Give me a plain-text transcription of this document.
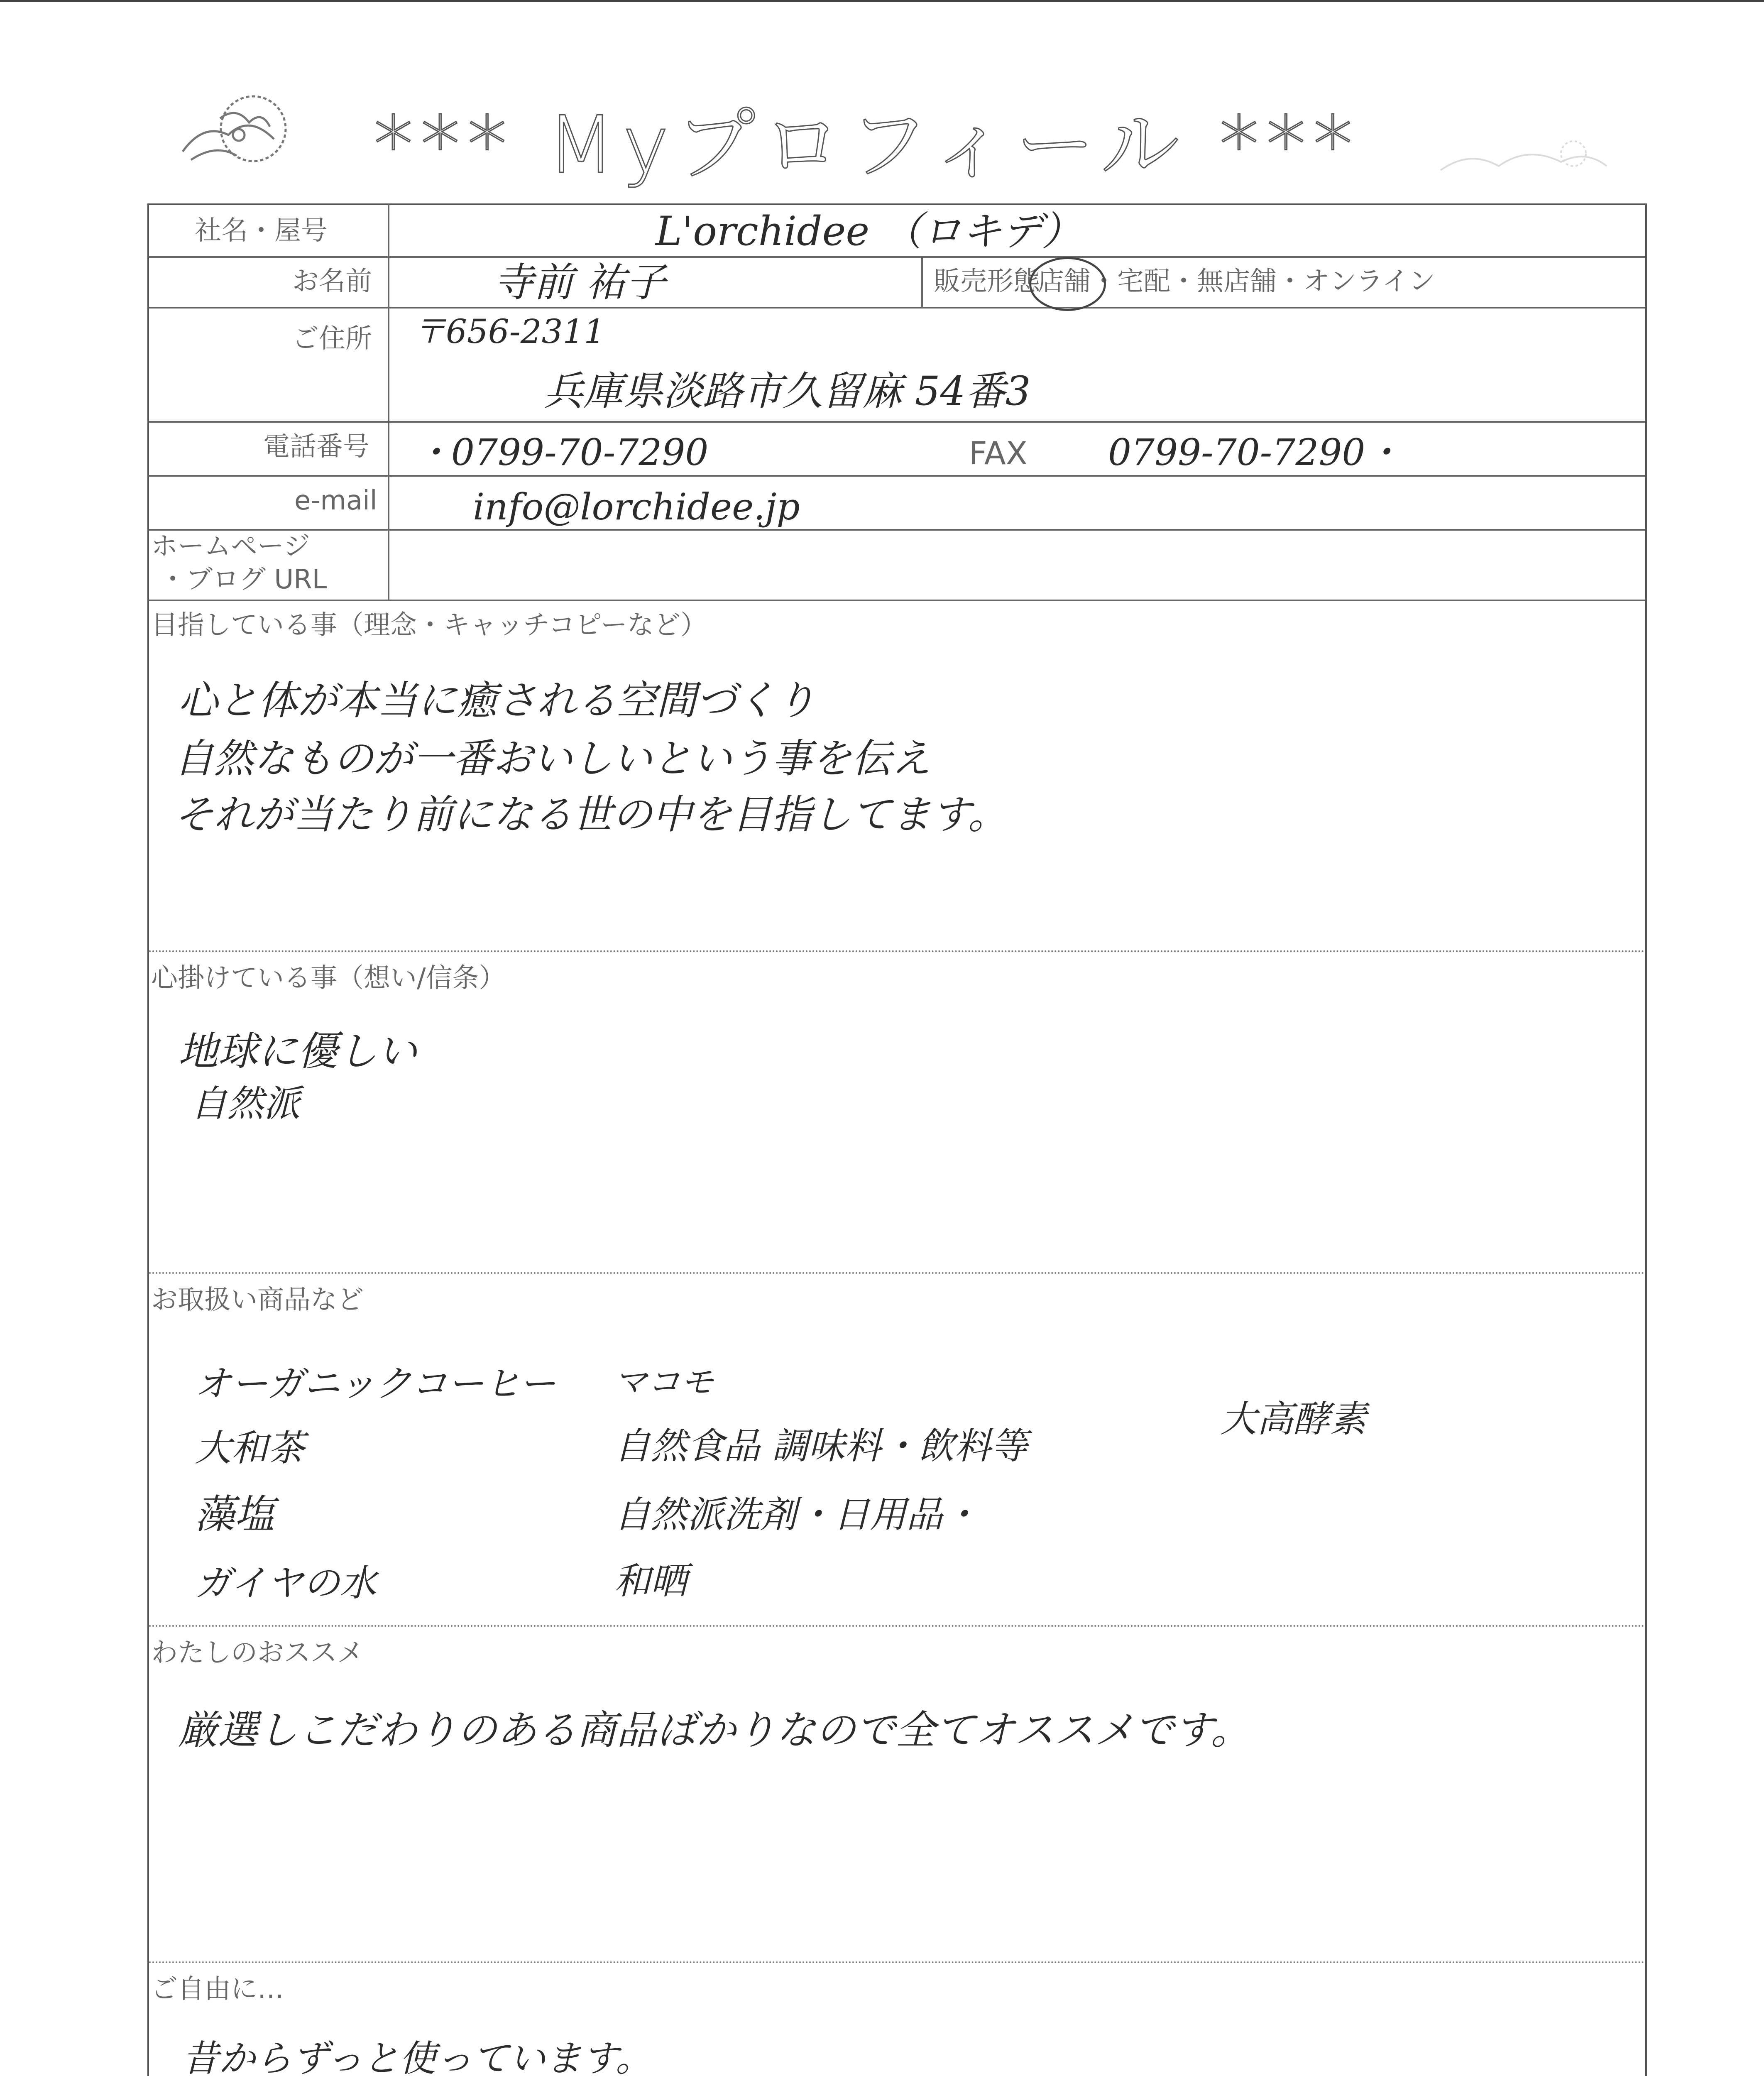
*** Myプロフィール ***
社名・屋号
お名前
ご住所
電話番号
e-mail
ホームページ
・ブログ URL
販売形態
店舗・宅配・無店舗・オンライン
L'orchidee （ロキデ）
寺前 祐子
〒656-2311
兵庫県淡路市久留麻 54番3
・0799-70-7290	FAX 0799-70-7290・
info@lorchidee.jp
目指している事（理念・キャッチコピーなど）
心と体が本当に癒される空間づくり
自然なものが一番おいしいという事を伝え
それが当たり前になる世の中を目指してます。
心掛けている事（想い/信条）
地球に優しい
自然派
お取扱い商品など
オーガニックコーヒー
大和茶
藻塩
ガイヤの水
マコモ
自然食品 調味料・飲料等
自然派洗剤・日用品・
和晒
大高酵素
わたしのおススメ
厳選しこだわりのある商品ばかりなので全てオススメです。
ご自由に…
昔からずっと使っています。
